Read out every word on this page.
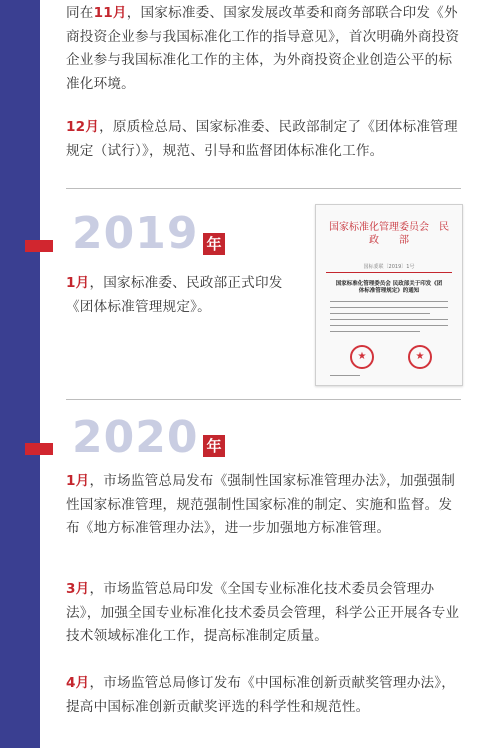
同在11月，国家标准委、国家发展改革委和商务部联合印发《外商投资企业参与我国标准化工作的指导意见》，首次明确外商投资企业参与我国标准化工作的主体，为外商投资企业创造公平的标准化环境。

12月，原质检总局、国家标准委、民政部制定了《团体标准管理规定（试行）》，规范、引导和监督团体标准化工作。

2019 年

1月，国家标准委、民政部正式印发《团体标准管理规定》。

国家标准化管理委员会　民　　政　　部
国标委联〔2019〕1号
国家标准化管理委员会 民政部关于印发《团体标准管理规定》的通知
★
★
2020 年

1月，市场监管总局发布《强制性国家标准管理办法》，加强强制性国家标准管理，规范强制性国家标准的制定、实施和监督。发布《地方标准管理办法》，进一步加强地方标准管理。

3月，市场监管总局印发《全国专业标准化技术委员会管理办法》，加强全国专业标准化技术委员会管理，科学公正开展各专业技术领域标准化工作，提高标准制定质量。

4月，市场监管总局修订发布《中国标准创新贡献奖管理办法》，提高中国标准创新贡献奖评选的科学性和规范性。
